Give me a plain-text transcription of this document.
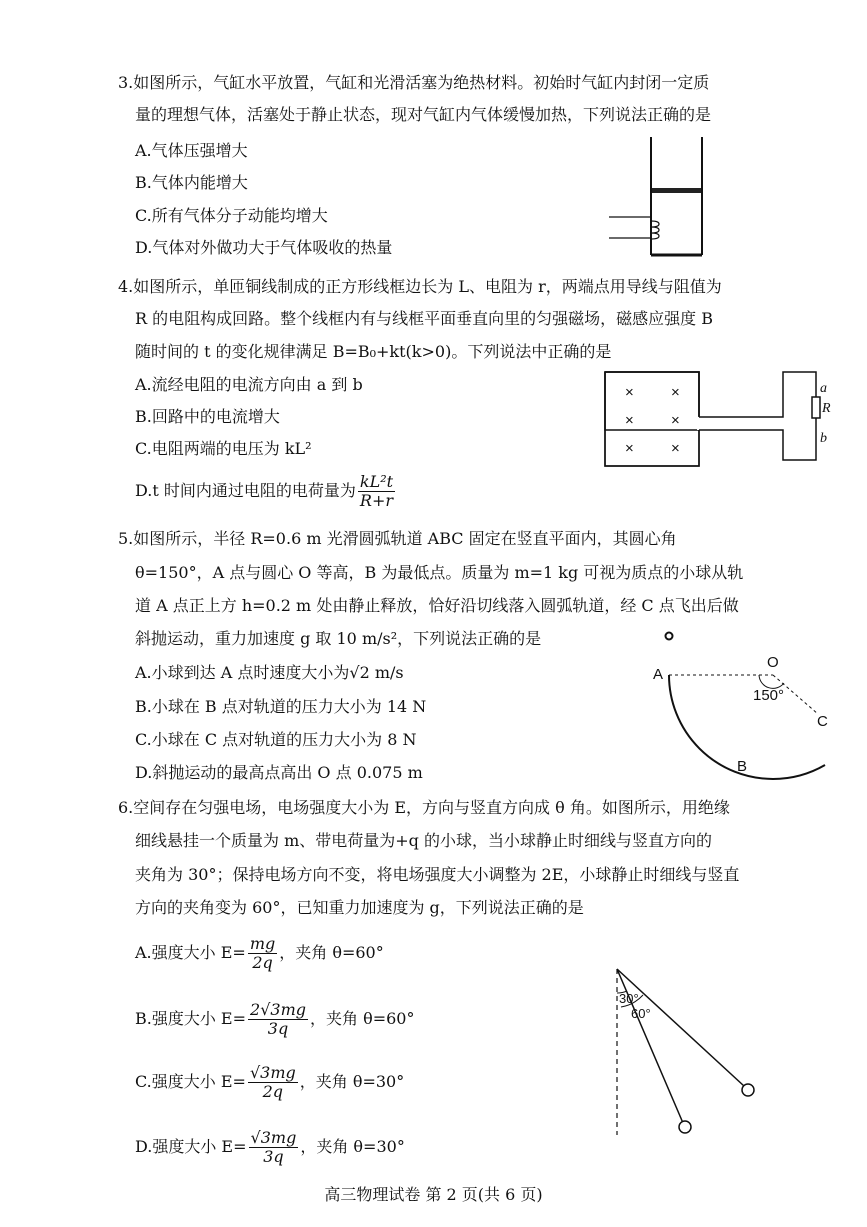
3.如图所示，气缸水平放置，气缸和光滑活塞为绝热材料。初始时气缸内封闭一定质
量的理想气体，活塞处于静止状态，现对气缸内气体缓慢加热，下列说法正确的是
A.气体压强增大
B.气体内能增大
C.所有气体分子动能均增大
D.气体对外做功大于气体吸收的热量
4.如图所示，单匝铜线制成的正方形线框边长为 L、电阻为 r，两端点用导线与阻值为
R 的电阻构成回路。整个线框内有与线框平面垂直向里的匀强磁场，磁感应强度 B
随时间的 t 的变化规律满足 B=B₀+kt(k>0)。下列说法中正确的是
A.流经电阻的电流方向由 a 到 b
B.回路中的电流增大
C.电阻两端的电压为 kL²
D.t 时间内通过电阻的电荷量为 $\frac{\text{kL²t}}{R+r}$
R
a
b
× ×
× ×
× ×
5.如图所示，半径 R=0.6 m 光滑圆弧轨道 ABC 固定在竖直平面内，其圆心角
θ=150°，A 点与圆心 O 等高，B 为最低点。质量为 m=1 kg 可视为质点的小球从轨
道 A 点正上方 h=0.2 m 处由静止释放，恰好沿切线落入圆弧轨道，经 C 点飞出后做
斜抛运动，重力加速度 g 取 10 m/s²，下列说法正确的是
A.小球到达 A 点时速度大小为√2 m/s
B.小球在 B 点对轨道的压力大小为 14 N
C.小球在 C 点对轨道的压力大小为 8 N
D.斜抛运动的最高点高出 O 点 0.075 m
A
O
150°
C
B
6.空间存在匀强电场，电场强度大小为 E，方向与竖直方向成 θ 角。如图所示，用绝缘
细线悬挂一个质量为 m、带电荷量为+q 的小球，当小球静止时细线与竖直方向的
夹角为 30°；保持电场方向不变，将电场强度大小调整为 2E，小球静止时细线与竖直
方向的夹角变为 60°，已知重力加速度为 g，下列说法正确的是
A.强度大小 $E= \frac{mg}{2q}$ ，夹角 θ=60°
B.强度大小 $E= \frac{2√3mg}{3q}$ ，夹角 θ=60°
C.强度大小 $E= \frac{√3mg}{2q}$ ，夹角 θ=30°
D.强度大小 $E= \frac{√3mg}{3q}$ ，夹角 θ=30°
30°
60°
高三物理试卷 第 2 页(共 6 页)
